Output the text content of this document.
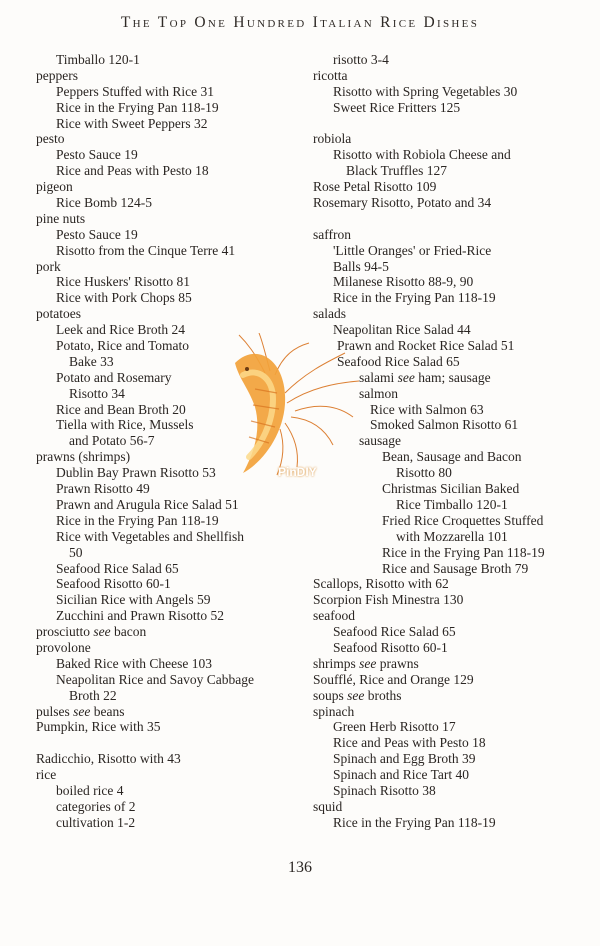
The Top One Hundred Italian Rice Dishes
Timballo 120-1
peppers
Peppers Stuffed with Rice 31
Rice in the Frying Pan 118-19
Rice with Sweet Peppers 32
pesto
Pesto Sauce 19
Rice and Peas with Pesto 18
pigeon
Rice Bomb 124-5
pine nuts
Pesto Sauce 19
Risotto from the Cinque Terre 41
pork
Rice Huskers' Risotto 81
Rice with Pork Chops 85
potatoes
Leek and Rice Broth 24
Potato, Rice and Tomato
Bake 33
Potato and Rosemary
Risotto 34
Rice and Bean Broth 20
Tiella with Rice, Mussels
and Potato 56-7
prawns (shrimps)
Dublin Bay Prawn Risotto 53
Prawn Risotto 49
Prawn and Arugula Rice Salad 51
Rice in the Frying Pan 118-19
Rice with Vegetables and Shellfish
50
Seafood Rice Salad 65
Seafood Risotto 60-1
Sicilian Rice with Angels 59
Zucchini and Prawn Risotto 52
prosciutto see bacon
provolone
Baked Rice with Cheese 103
Neapolitan Rice and Savoy Cabbage
Broth 22
pulses see beans
Pumpkin, Rice with 35
Radicchio, Risotto with 43
rice
boiled rice 4
categories of 2
cultivation 1-2
risotto 3-4
ricotta
Risotto with Spring Vegetables 30
Sweet Rice Fritters 125
robiola
Risotto with Robiola Cheese and
Black Truffles 127
Rose Petal Risotto 109
Rosemary Risotto, Potato and 34
saffron
'Little Oranges' or Fried-Rice
Balls 94-5
Milanese Risotto 88-9, 90
Rice in the Frying Pan 118-19
salads
Neapolitan Rice Salad 44
Prawn and Rocket Rice Salad 51
Seafood Rice Salad 65
salami see ham; sausage
salmon
Rice with Salmon 63
Smoked Salmon Risotto 61
sausage
Bean, Sausage and Bacon
Risotto 80
Christmas Sicilian Baked
Rice Timballo 120-1
Fried Rice Croquettes Stuffed
with Mozzarella 101
Rice in the Frying Pan 118-19
Rice and Sausage Broth 79
Scallops, Risotto with 62
Scorpion Fish Minestra 130
seafood
Seafood Rice Salad 65
Seafood Risotto 60-1
shrimps see prawns
Soufflé, Rice and Orange 129
soups see broths
spinach
Green Herb Risotto 17
Rice and Peas with Pesto 18
Spinach and Egg Broth 39
Spinach and Rice Tart 40
Spinach Risotto 38
squid
Rice in the Frying Pan 118-19
PinDIY
136
